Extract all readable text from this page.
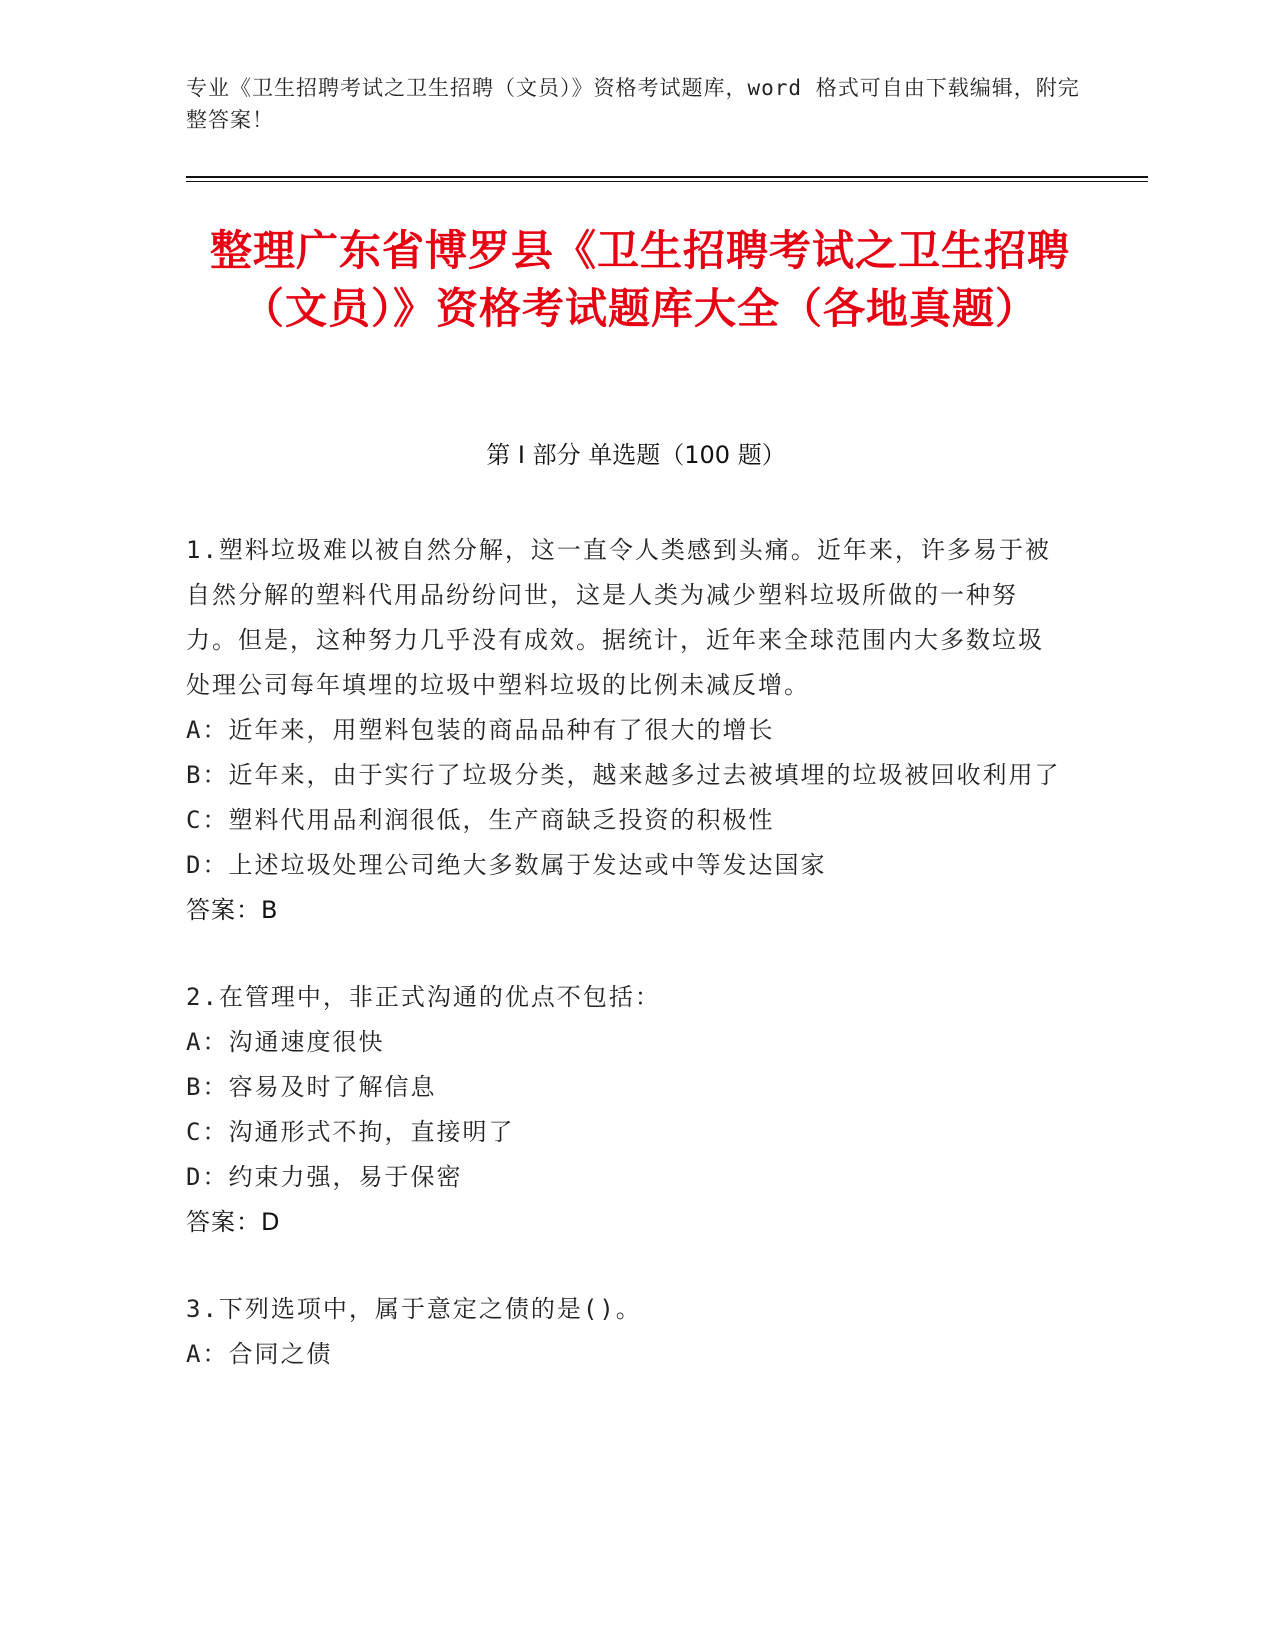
专业《卫生招聘考试之卫生招聘（文员）》资格考试题库，word 格式可自由下载编辑，附完整答案！
整理广东省博罗县《卫生招聘考试之卫生招聘（文员）》资格考试题库大全（各地真题）
第 I 部分 单选题（100 题）

1.塑料垃圾难以被自然分解，这一直令人类感到头痛。近年来，许多易于被自然分解的塑料代用品纷纷问世，这是人类为减少塑料垃圾所做的一种努力。但是，这种努力几乎没有成效。据统计，近年来全球范围内大多数垃圾处理公司每年填埋的垃圾中塑料垃圾的比例未减反增。

A：近年来，用塑料包装的商品品种有了很大的增长

B：近年来，由于实行了垃圾分类，越来越多过去被填埋的垃圾被回收利用了

C：塑料代用品利润很低，生产商缺乏投资的积极性

D：上述垃圾处理公司绝大多数属于发达或中等发达国家

答案：B

2.在管理中，非正式沟通的优点不包括：

A：沟通速度很快

B：容易及时了解信息

C：沟通形式不拘，直接明了

D：约束力强，易于保密

答案：D

3.下列选项中，属于意定之债的是()。

A：合同之债
